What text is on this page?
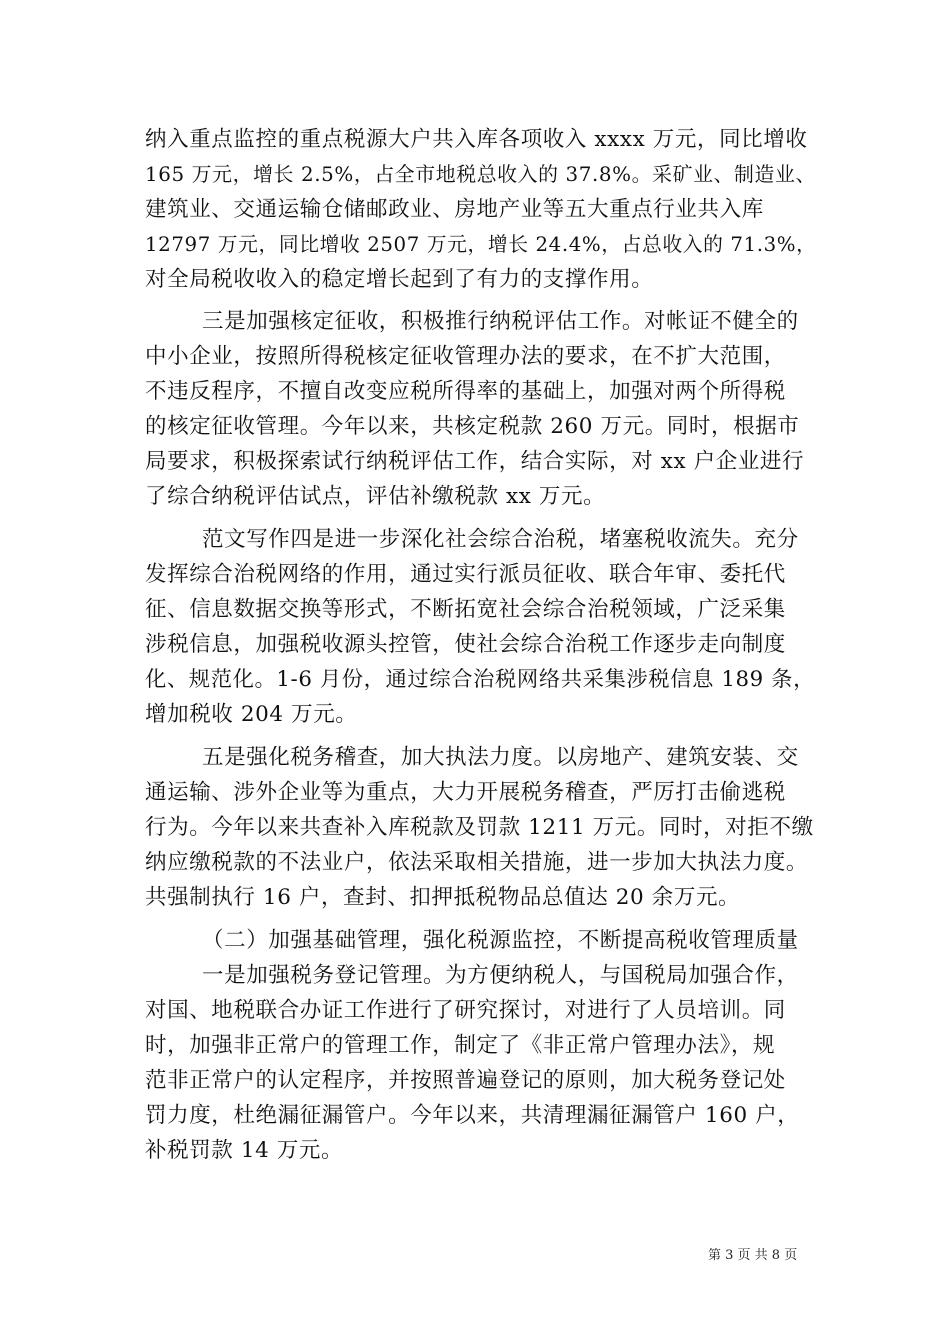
纳入重点监控的重点税源大户共入库各项收入 xxxx 万元，同比增收
165 万元，增长 2.5%，占全市地税总收入的 37.8%。采矿业、制造业、
建筑业、交通运输仓储邮政业、房地产业等五大重点行业共入库
12797 万元，同比增收 2507 万元，增长 24.4%，占总收入的 71.3%，
对全局税收收入的稳定增长起到了有力的支撑作用。
三是加强核定征收，积极推行纳税评估工作。对帐证不健全的
中小企业，按照所得税核定征收管理办法的要求，在不扩大范围，
不违反程序，不擅自改变应税所得率的基础上，加强对两个所得税
的核定征收管理。今年以来，共核定税款 260 万元。同时，根据市
局要求，积极探索试行纳税评估工作，结合实际，对 xx 户企业进行
了综合纳税评估试点，评估补缴税款 xx 万元。
范文写作四是进一步深化社会综合治税，堵塞税收流失。充分
发挥综合治税网络的作用，通过实行派员征收、联合年审、委托代
征、信息数据交换等形式，不断拓宽社会综合治税领域，广泛采集
涉税信息，加强税收源头控管，使社会综合治税工作逐步走向制度
化、规范化。1-6 月份，通过综合治税网络共采集涉税信息 189 条，
增加税收 204 万元。
五是强化税务稽查，加大执法力度。以房地产、建筑安装、交
通运输、涉外企业等为重点，大力开展税务稽查，严厉打击偷逃税
行为。今年以来共查补入库税款及罚款 1211 万元。同时，对拒不缴
纳应缴税款的不法业户，依法采取相关措施，进一步加大执法力度。
共强制执行 16 户，查封、扣押抵税物品总值达 20 余万元。
（二）加强基础管理，强化税源监控，不断提高税收管理质量
一是加强税务登记管理。为方便纳税人，与国税局加强合作，
对国、地税联合办证工作进行了研究探讨，对进行了人员培训。同
时，加强非正常户的管理工作，制定了《非正常户管理办法》，规
范非正常户的认定程序，并按照普遍登记的原则，加大税务登记处
罚力度，杜绝漏征漏管户。今年以来，共清理漏征漏管户 160 户，
补税罚款 14 万元。
第 3 页 共 8 页
